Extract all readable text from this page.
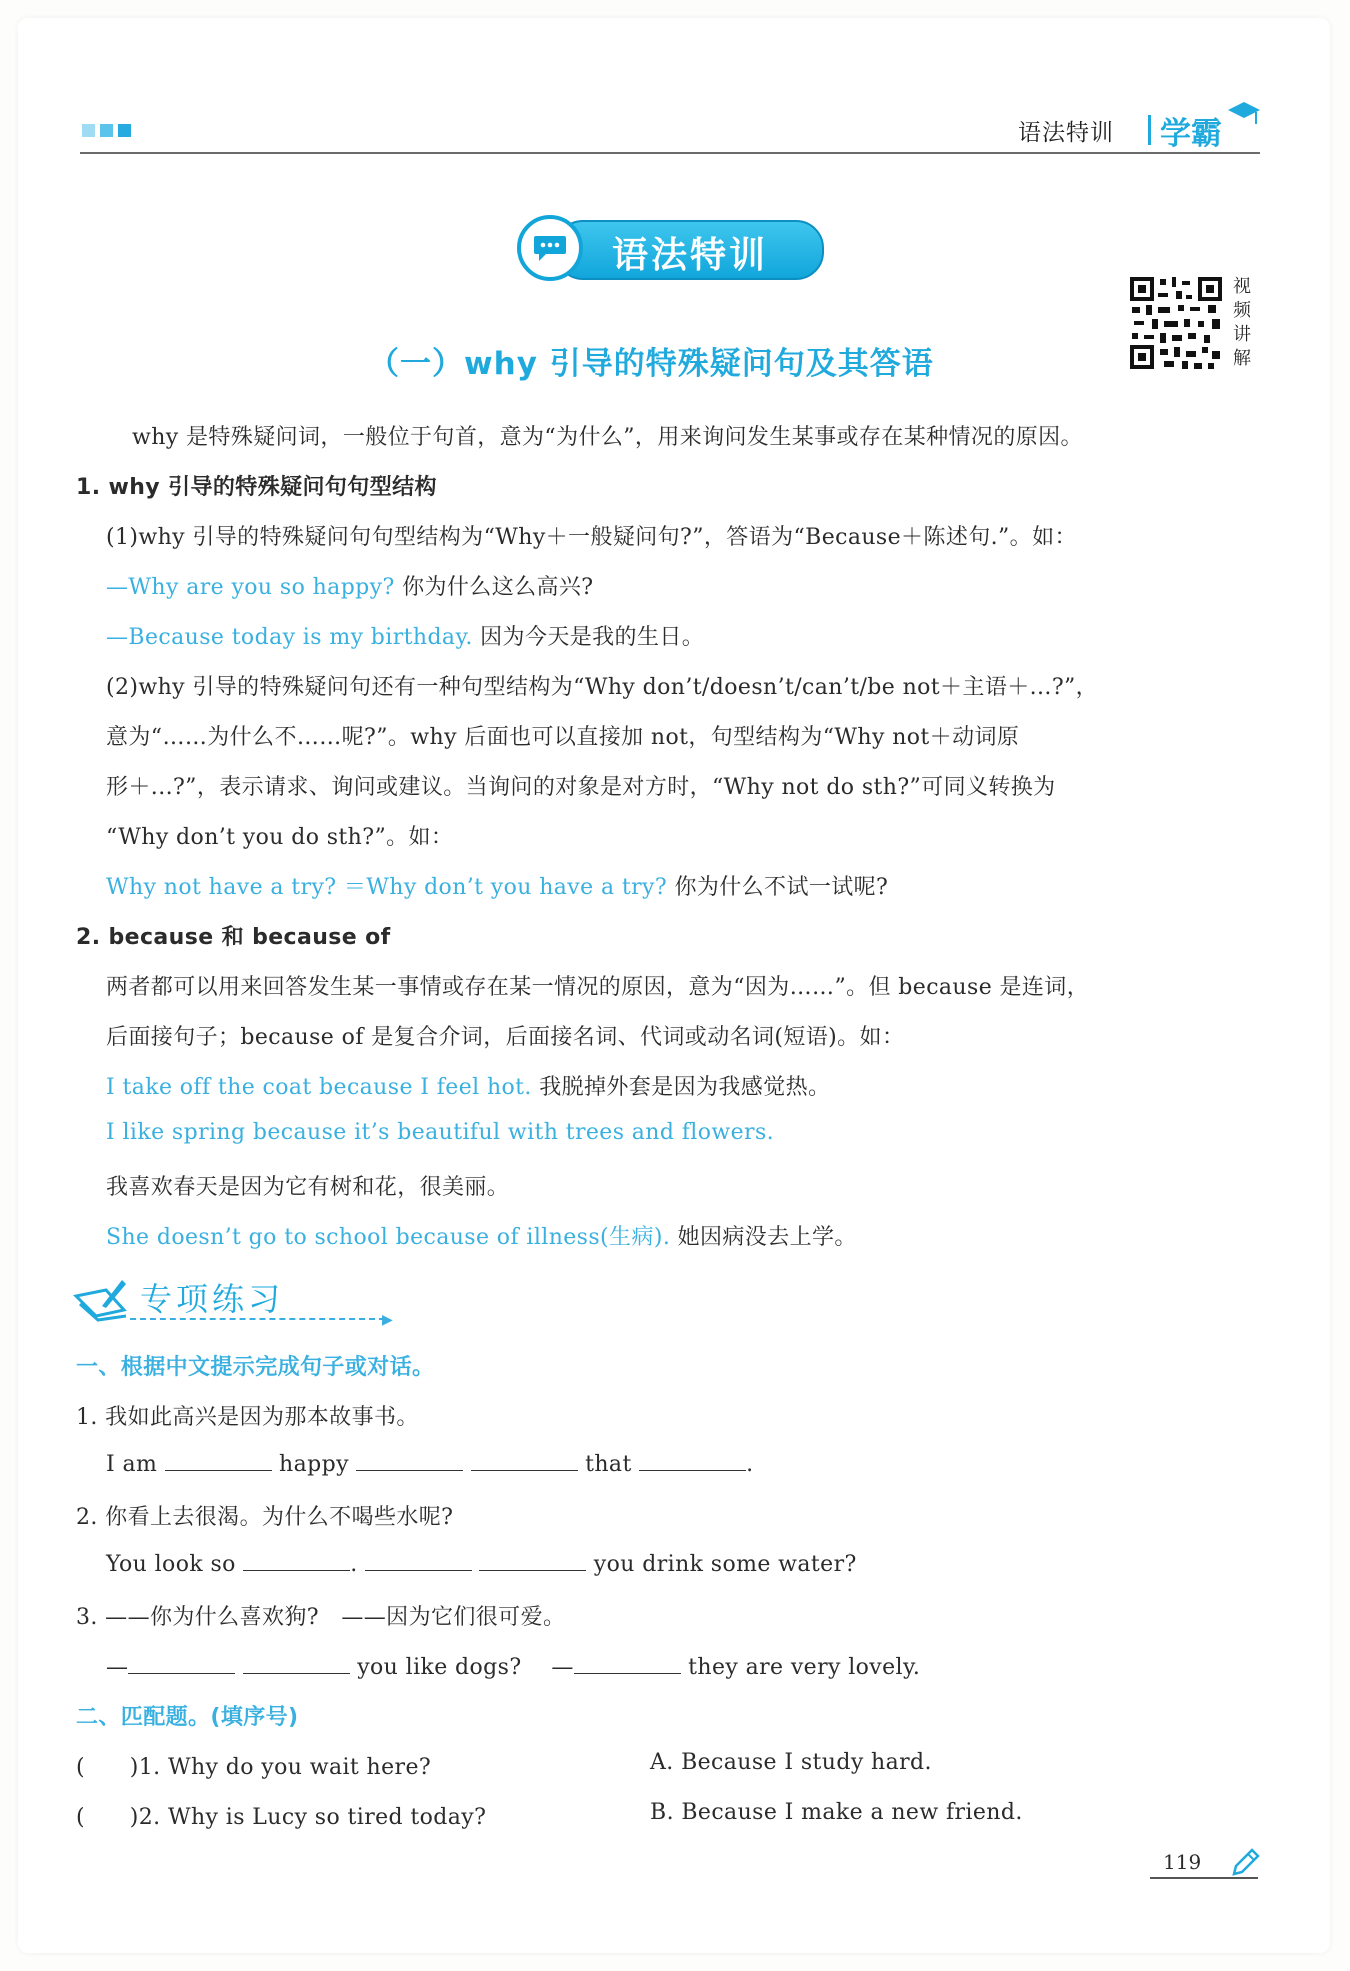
语法特训 学霸
语法特训
视
频
讲
解
（一）why 引导的特殊疑问句及其答语
why 是特殊疑问词，一般位于句首，意为“为什么”，用来询问发生某事或存在某种情况的原因。
1. why 引导的特殊疑问句句型结构
(1)why 引导的特殊疑问句句型结构为“Why＋一般疑问句?”，答语为“Because＋陈述句.”。如：
—Why are you so happy? 你为什么这么高兴?
—Because today is my birthday. 因为今天是我的生日。
(2)why 引导的特殊疑问句还有一种句型结构为“Why don’t/doesn’t/can’t/be not＋主语＋...?”，
意为“……为什么不……呢?”。why 后面也可以直接加 not，句型结构为“Why not＋动词原
形＋...?”，表示请求、询问或建议。当询问的对象是对方时，“Why not do sth?”可同义转换为
“Why don’t you do sth?”。如：
Why not have a try? ＝Why don’t you have a try? 你为什么不试一试呢?
2. because 和 because of
两者都可以用来回答发生某一事情或存在某一情况的原因，意为“因为……”。但 because 是连词，
后面接句子；because of 是复合介词，后面接名词、代词或动名词(短语)。如：
I take off the coat because I feel hot. 我脱掉外套是因为我感觉热。
I like spring because it’s beautiful with trees and flowers.
我喜欢春天是因为它有树和花，很美丽。
She doesn’t go to school because of illness(生病). 她因病没去上学。
专项练习
▶
一、根据中文提示完成句子或对话。
1. 我如此高兴是因为那本故事书。
I am	happy	that	.
2. 你看上去很渴。为什么不喝些水呢?
You look so	.	you drink some water?
3. ——你为什么喜欢狗?　——因为它们很可爱。
—	you like dogs?　 —	they are very lovely.
二、匹配题。(填序号)
(　　)1. Why do you wait here?	A. Because I study hard.
(　　)2. Why is Lucy so tired today?	B. Because I make a new friend.
119
